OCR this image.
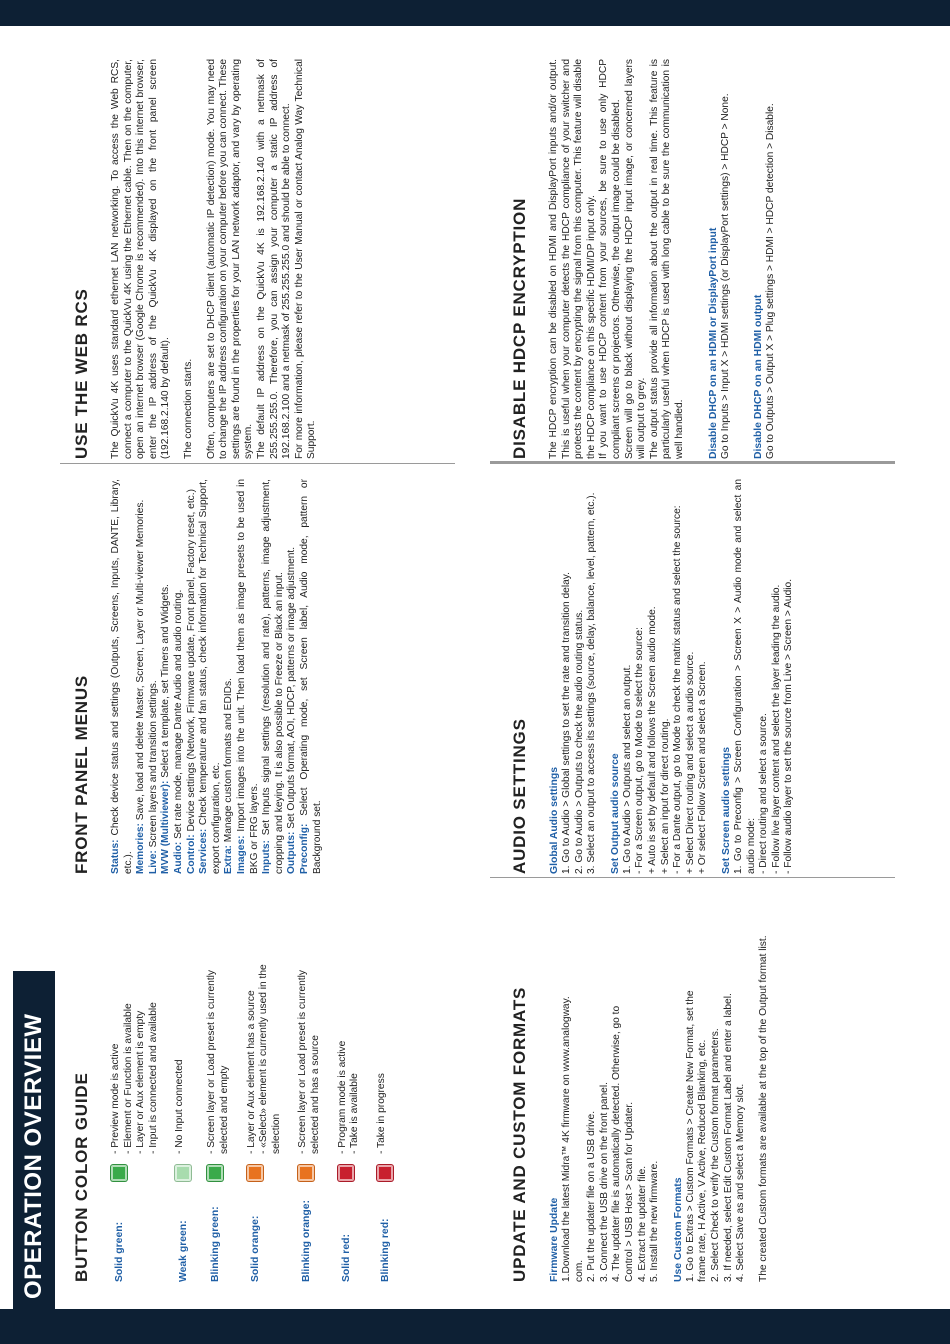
OPERATION OVERVIEW	BUTTON COLOR GUIDE	Solid green:
- Preview mode is active - Element or Function is available - Layer or Aux element is empty - Input is connected and available
Weak green:
- No Input connected
Blinking green:
- Screen layer or Load preset is currently selected and empty
Solid orange:
- Layer or Aux element has a source - «Select» element is currently used in the selection
Blinking orange:
- Screen layer or Load preset is currently selected and has a source
Solid red:
- Program mode is active - Take is available
Blinking red:
- Take in progress	UPDATE AND CUSTOM FORMATS Firmware Update 1.Download the latest Midra™ 4K firmware on www.analogway. com. 2. Put the updater file on a USB drive. 3. Connect the USB drive on the front panel. 4. The updater file is automatically detected. Otherwise, go to Control > USB Host > Scan for Updater. 4. Extract the updater file. 5. Install the new firmware. Use Custom Formats 1. Go to Extras > Custom Formats > Create New Format, set the frame rate, H Active, V Active, Reduced Blanking, etc. 2. Select Check to verify the Custom format parameters. 3. If needed, select Edit Custom Format Label and enter a label. 4. Select Save as and select a Memory slot. The created Custom formats are available at the top of the Output format list.
FRONT PANEL MENUS Status: Check device status and settings (Outputs, Screens, Inputs, DANTE, Library, etc.). Memories: Save, load and delete Master, Screen, Layer or Multi-viewer Memories.
Live: Screen layers and transition settings. MVW (Multiviewer): Select a template, set Timers and Widgets.
Audio: Set rate mode, manage Dante Audio and audio routing.
Control: Device settings (Network, Firmware update, Front panel, Factory reset, etc.)
Services: Check temperature and fan status, check information for Technical Support, export configuration, etc. Extra: Manage custom formats and EDIDs.
Images: Import images into the unit. Then load them as image presets to be used in BKG or FRG layers. Inputs: Set Inputs signal settings (resolution and rate), patterns, image adjustment, cropping and keying. It is also possible to Freeze or Black an input. Outputs: Set Outputs format, AOI, HDCP, patterns or image adjustment.
Preconfig: Select Operating mode, set Screen label, Audio mode, pattern or Background set.	AUDIO SETTINGS Global Audio settings 1. Go to Audio > Global settings to set the rate and transition delay. 2. Go to Audio > Outputs to check the audio routing status. 3. Select an output to access its settings (source, delay, balance, level, pattern, etc.). Set Output audio source 1. Go to Audio > Outputs and select an output. - For a Screen output, go to Mode to select the source: + Auto is set by default and follows the Screen audio mode. + Select an input for direct routing. - For a Dante output, go to Mode to check the matrix status and select the source: + Select Direct routing and select a audio source. + Or select Follow Screen and select a Screen. Set Screen audio settings 1. Go to Preconfig > Screen Configuration > Screen X > Audio mode and select an audio mode: - Direct routing and select a source. - Follow live layer content and select the layer leading the audio. - Follow audio layer to set the source from Live > Screen > Audio.
USE THE WEB RCS The QuickVu 4K uses standard ethernet LAN networking. To access the Web RCS, connect a computer to the QuickVu 4K using the Ethernet cable. Then on the computer, open an internet browser (Google Chrome is recommended). Into this internet browser, enter the IP address of the QuickVu 4K displayed on the front panel screen (192.168.2.140 by default). The connection starts. Often, computers are set to DHCP client (automatic IP detection) mode. You may need to change the IP address configuration on your computer before you can connect. These settings are found in the properties for your LAN network adaptor, and vary by operating system. The default IP address on the QuickVu 4K is 192.168.2.140 with a netmask of 255.255.255.0. Therefore, you can assign your computer a static IP address of 192.168.2.100 and a netmask of 255.255.255.0 and should be able to connect. For more information, please refer to the User Manual or contact Analog Way Technical Support.	DISABLE HDCP ENCRYPTION The HDCP encryption can be disabled on HDMI and DisplayPort inputs and/or output. This is useful when your computer detects the HDCP compliance of your switcher and protects the content by encrypting the signal from this computer. This feature will disable the HDCP compliance on this specific HDMI/DP input only. If you want to use HDCP content from your sources, be sure to use only HDCP compliant screens or projectors. Otherwise, the output image could be disabled. Screen will go to black without displaying the HDCP input image, or concerned layers will output to grey. The output status provide all information about the output in real time. This feature is particularly useful when HDCP is used with long cable to be sure the communication is well handled. Disable DHCP on an HDMI or DisplayPort input Go to Inputs > Input X > HDMI settings (or DisplayPort settings) > HDCP > None. Disable DHCP on an HDMI output Go to Outputs > Output X > Plug settings > HDMI > HDCP detection > Disable.
